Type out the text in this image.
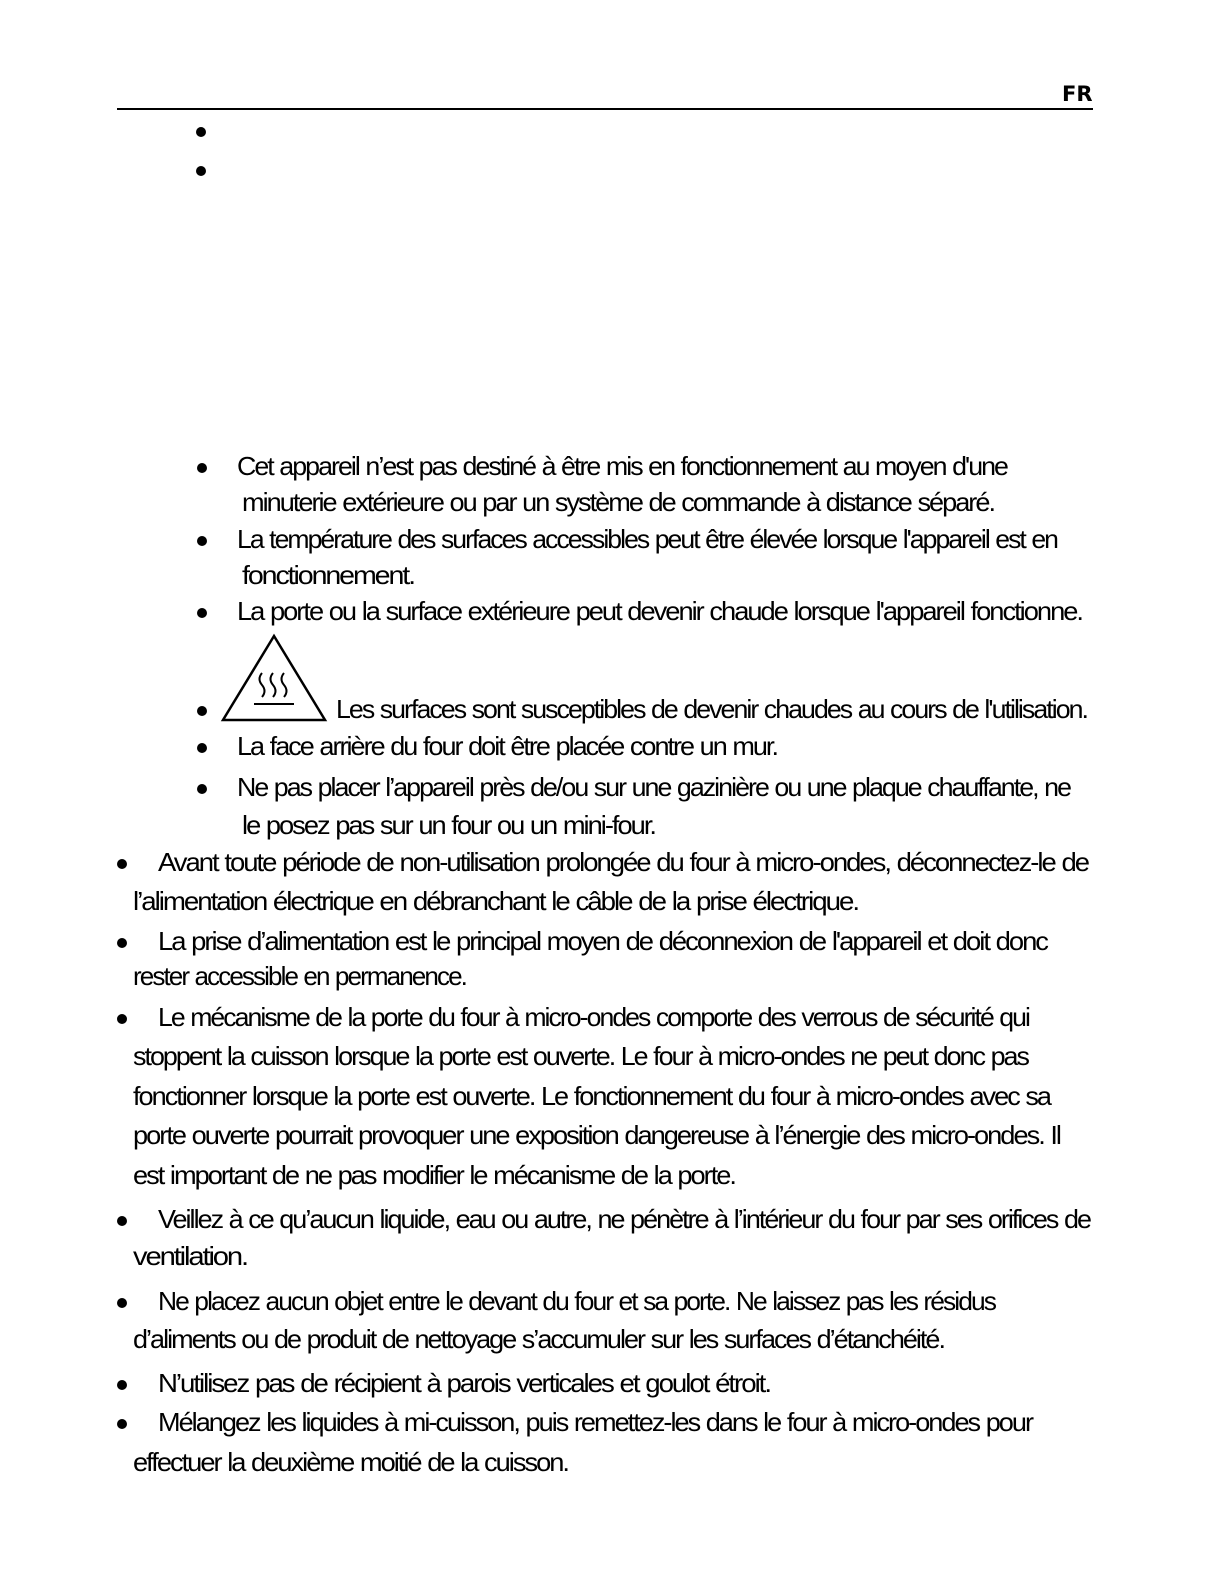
FR
Cet appareil n’est pas destiné à être mis en fonctionnement au moyen d'une
minuterie extérieure ou par un système de commande à distance séparé.
La température des surfaces accessibles peut être élevée lorsque l'appareil est en
fonctionnement.
La porte ou la surface extérieure peut devenir chaude lorsque l'appareil fonctionne.
Les surfaces sont susceptibles de devenir chaudes au cours de l'utilisation.
La face arrière du four doit être placée contre un mur.
Ne pas placer l’appareil près de/ou sur une gazinière ou une plaque chauffante, ne
le posez pas sur un four ou un mini-four.
Avant toute période de non-utilisation prolongée du four à micro-ondes, déconnectez-le de
l’alimentation électrique en débranchant le câble de la prise électrique.
La prise d’alimentation est le principal moyen de déconnexion de l'appareil et doit donc
rester accessible en permanence.
Le mécanisme de la porte du four à micro-ondes comporte des verrous de sécurité qui
stoppent la cuisson lorsque la porte est ouverte. Le four à micro-ondes ne peut donc pas
fonctionner lorsque la porte est ouverte. Le fonctionnement du four à micro-ondes avec sa
porte ouverte pourrait provoquer une exposition dangereuse à l’énergie des micro-ondes. Il
est important de ne pas modifier le mécanisme de la porte.
Veillez à ce qu’aucun liquide, eau ou autre, ne pénètre à l’intérieur du four par ses orifices de
ventilation.
Ne placez aucun objet entre le devant du four et sa porte. Ne laissez pas les résidus
d’aliments ou de produit de nettoyage s’accumuler sur les surfaces d’étanchéité.
N’utilisez pas de récipient à parois verticales et goulot étroit.
Mélangez les liquides à mi-cuisson, puis remettez-les dans le four à micro-ondes pour
effectuer la deuxième moitié de la cuisson.
